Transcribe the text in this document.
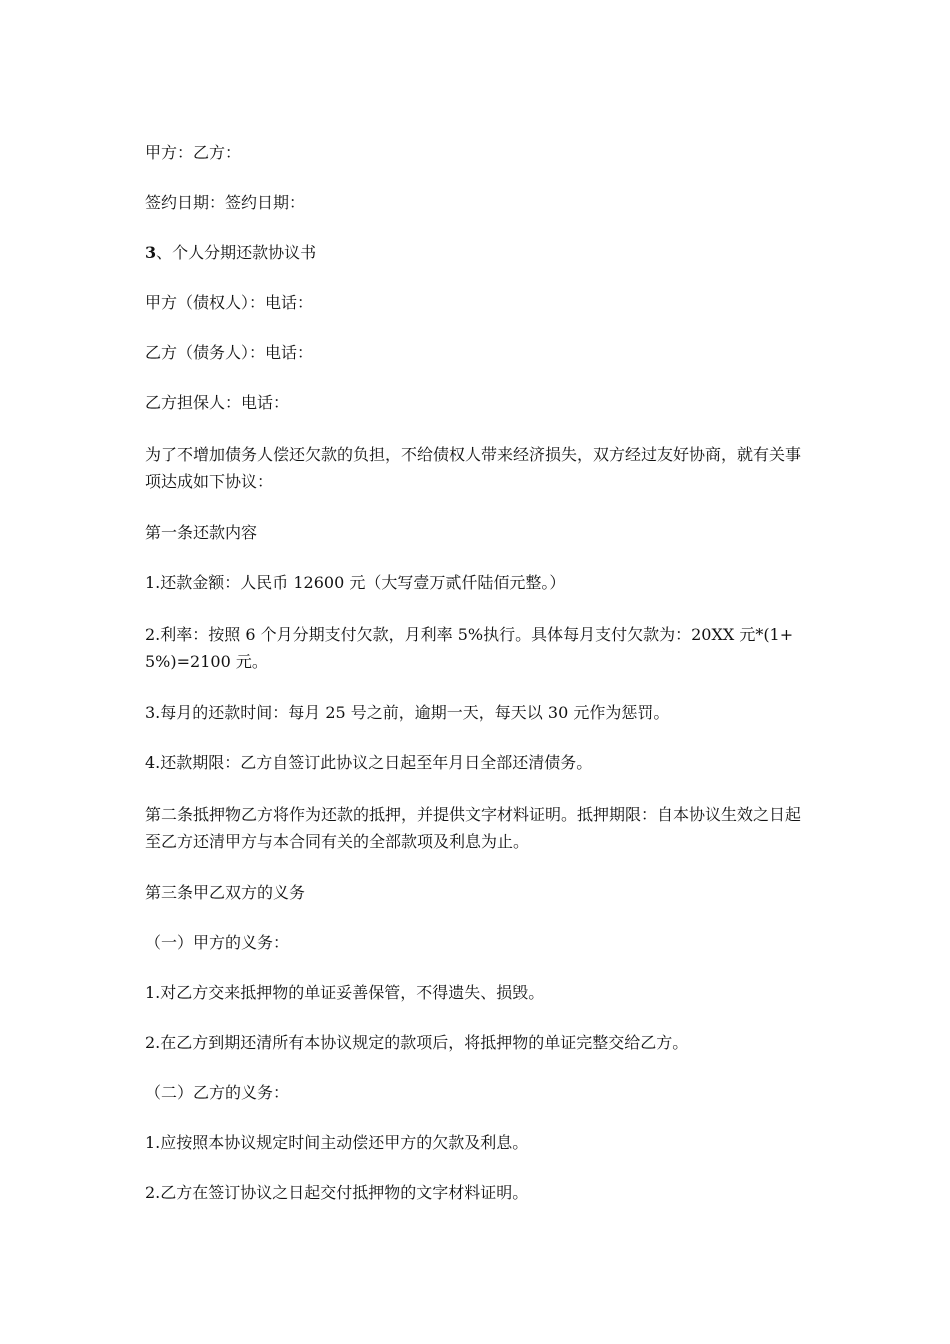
甲方：乙方：

签约日期：签约日期：

3、个人分期还款协议书

甲方（债权人）：电话：

乙方（债务人）：电话：

乙方担保人：电话：

为了不增加债务人偿还欠款的负担，不给债权人带来经济损失，双方经过友好协商，就有关事项达成如下协议：

第一条还款内容

1.还款金额：人民币 12600 元（大写壹万贰仟陆佰元整。）

2.利率：按照 6 个月分期支付欠款，月利率 5%执行。具体每月支付欠款为：20XX 元*(1+5%)=2100 元。

3.每月的还款时间：每月 25 号之前，逾期一天，每天以 30 元作为惩罚。

4.还款期限：乙方自签订此协议之日起至年月日全部还清债务。

第二条抵押物乙方将作为还款的抵押，并提供文字材料证明。抵押期限：自本协议生效之日起至乙方还清甲方与本合同有关的全部款项及利息为止。

第三条甲乙双方的义务

（一）甲方的义务：

1.对乙方交来抵押物的单证妥善保管，不得遗失、损毁。

2.在乙方到期还清所有本协议规定的款项后，将抵押物的单证完整交给乙方。

（二）乙方的义务：

1.应按照本协议规定时间主动偿还甲方的欠款及利息。

2.乙方在签订协议之日起交付抵押物的文字材料证明。
